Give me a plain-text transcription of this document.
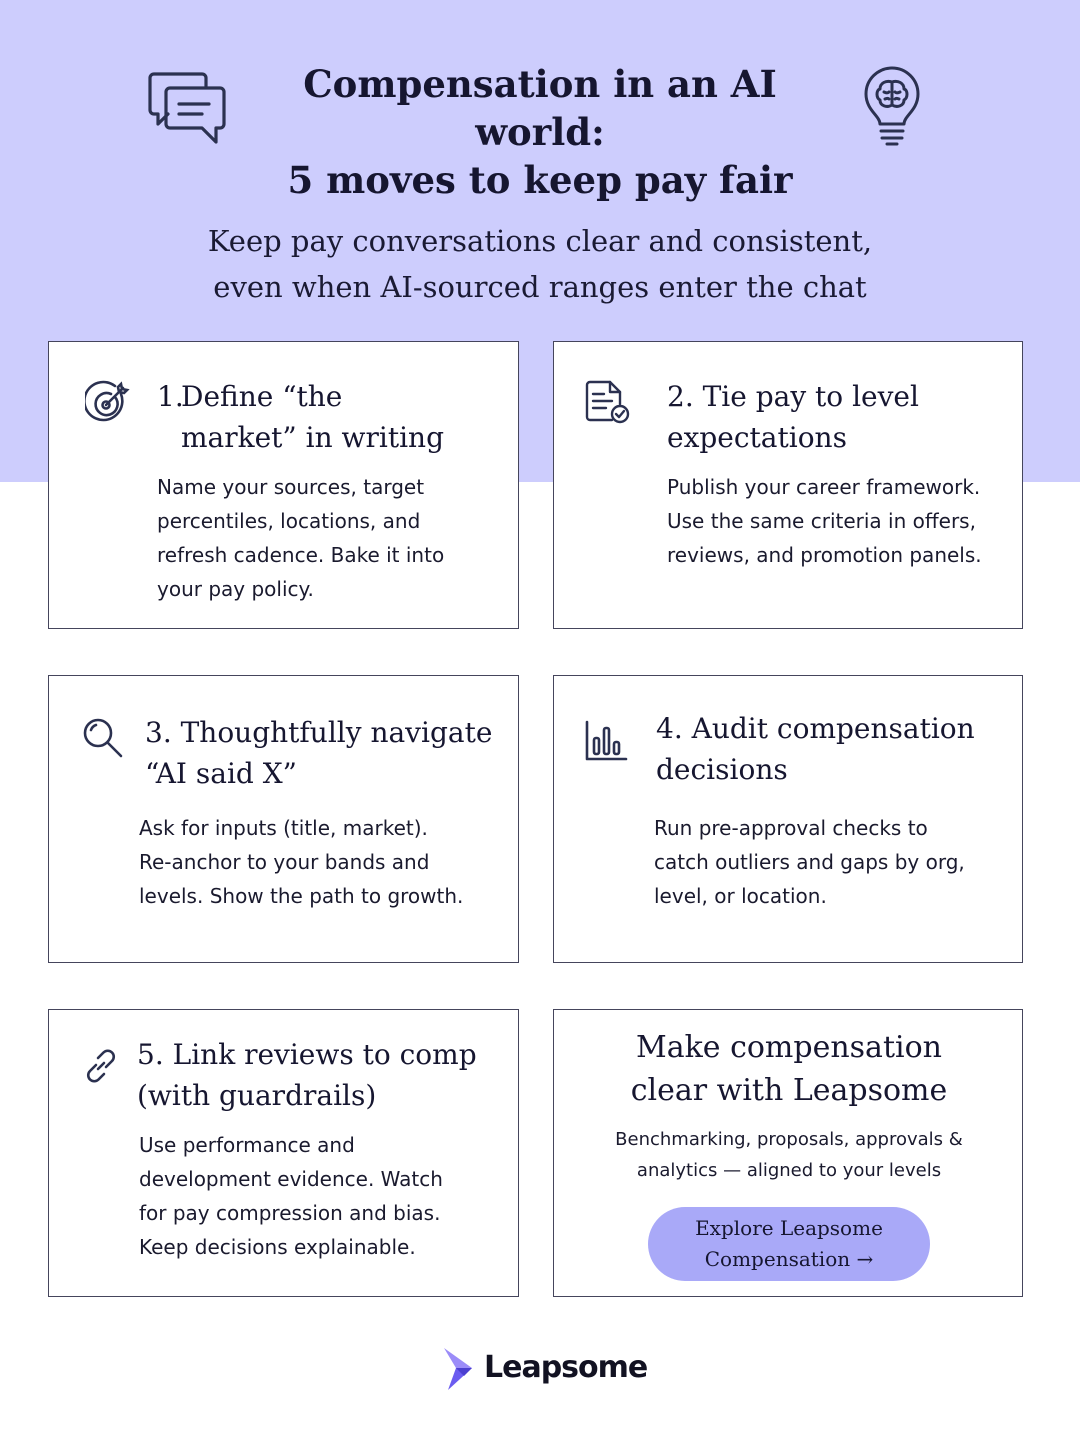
Compensation in an AI world:
5 moves to keep pay fair

Keep pay conversations clear and consistent,
even when AI-sourced ranges enter the chat

1.
Define “the
market” in writing
Name your sources, target
percentiles, locations, and
refresh cadence. Bake it into
your pay policy.
2. Tie pay to level
expectations
Publish your career framework.
Use the same criteria in offers,
reviews, and promotion panels.
3. Thoughtfully navigate
“AI said X”
Ask for inputs (title, market).
Re-anchor to your bands and
levels. Show the path to growth.
4. Audit compensation
decisions
Run pre-approval checks to
catch outliers and gaps by org,
level, or location.
5. Link reviews to comp
(with guardrails)
Use performance and
development evidence. Watch
for pay compression and bias.
Keep decisions explainable.
Make compensation
clear with Leapsome
Benchmarking, proposals, approvals &
analytics — aligned to your levels
Explore Leapsome
Compensation →
Leapsome
